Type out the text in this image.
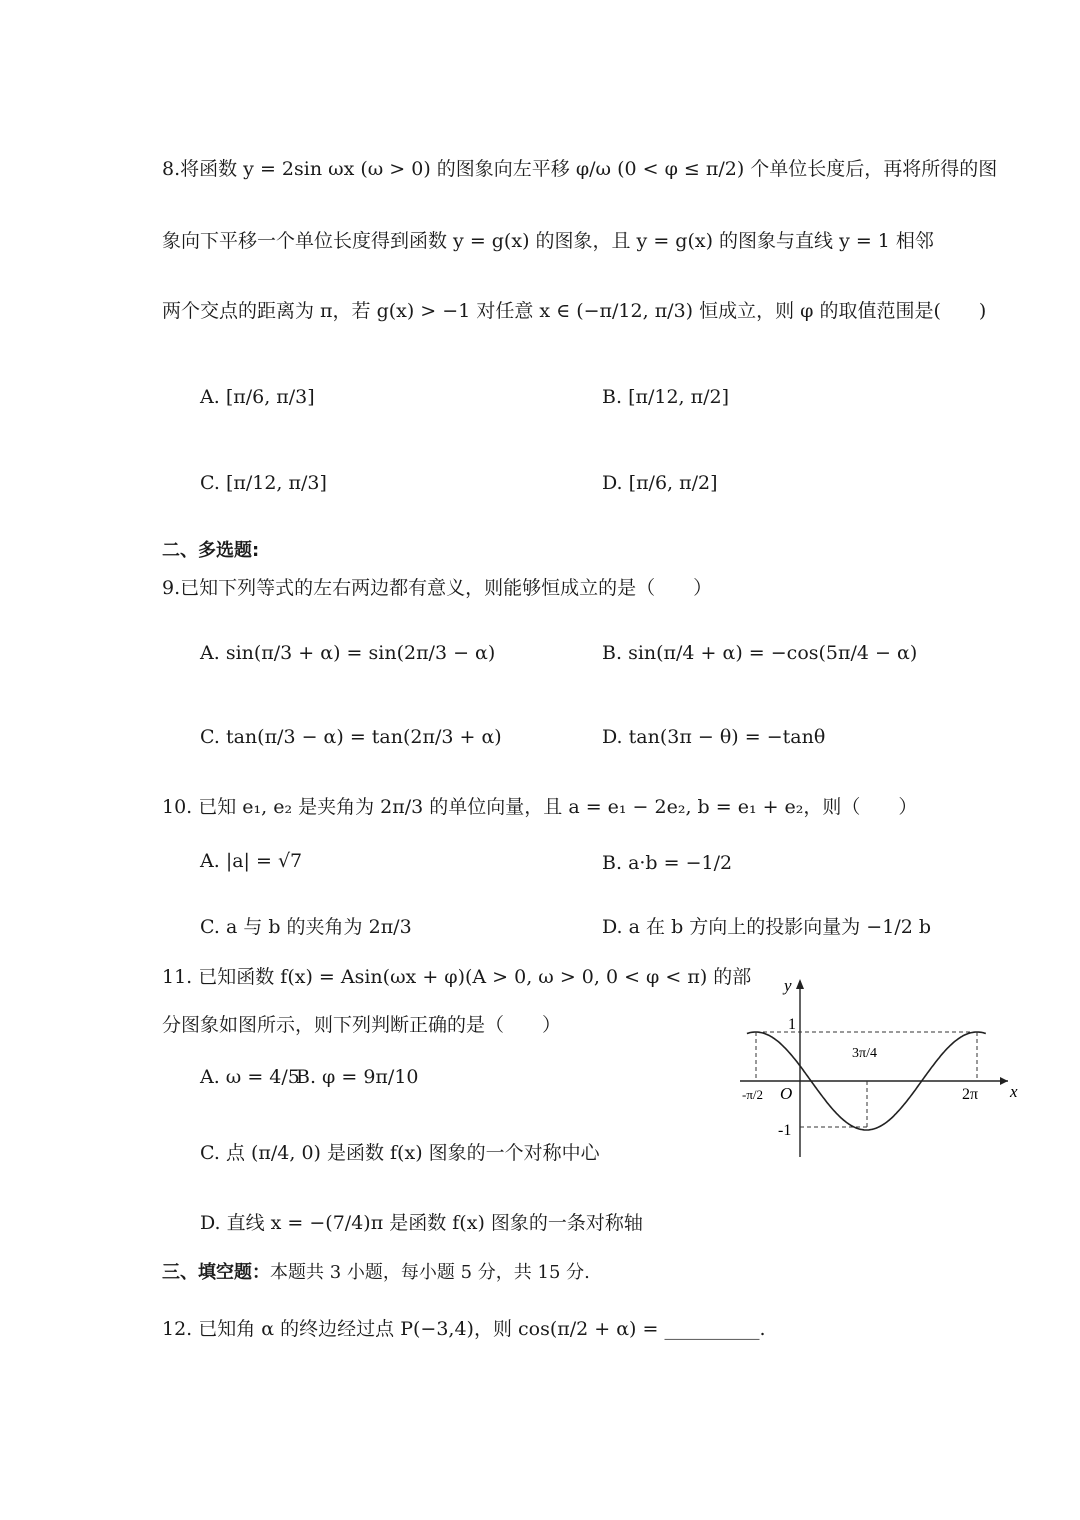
8.将函数 y = 2sin ωx (ω > 0) 的图象向左平移 φ/ω (0 < φ ≤ π/2) 个单位长度后，再将所得的图
象向下平移一个单位长度得到函数 y = g(x) 的图象，且 y = g(x) 的图象与直线 y = 1 相邻
两个交点的距离为 π，若 g(x) > −1 对任意 x ∈ (−π/12, π/3) 恒成立，则 φ 的取值范围是(　　)
A. [π/6, π/3]	B. [π/12, π/2]
C. [π/12, π/3]	D. [π/6, π/2]
二、多选题:
9.已知下列等式的左右两边都有意义，则能够恒成立的是（　　）
A. sin(π/3 + α) = sin(2π/3 − α)	B. sin(π/4 + α) = −cos(5π/4 − α)
C. tan(π/3 − α) = tan(2π/3 + α)	D. tan(3π − θ) = −tanθ
10. 已知 e₁, e₂ 是夹角为 2π/3 的单位向量，且 a = e₁ − 2e₂, b = e₁ + e₂，则（　　）
A. |a| = √7	B. a·b = −1/2
C. a 与 b 的夹角为 2π/3	D. a 在 b 方向上的投影向量为 −1/2 b
11. 已知函数 f(x) = Asin(ωx + φ)(A > 0, ω > 0, 0 < φ < π) 的部
分图象如图所示，则下列判断正确的是（　　）
A. ω = 4/5
B. φ = 9π/10
C. 点 (π/4, 0) 是函数 f(x) 图象的一个对称中心
D. 直线 x = −(7/4)π 是函数 f(x) 图象的一条对称轴
y
x
O
1
-1
-π/2
3π/4
2π
三、填空题：本题共 3 小题，每小题 5 分，共 15 分.
12. 已知角 α 的终边经过点 P(−3,4)，则 cos(π/2 + α) = __________.
